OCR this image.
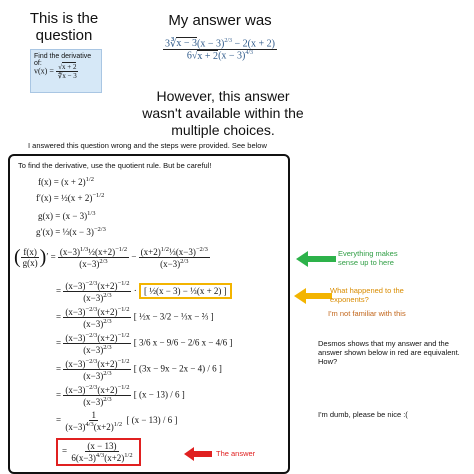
This is the question
My answer was
Find the derivative of:
$v(x) = \frac{√x + 2}{∜x - 3}$
$\frac{3∛x - 3(x - 3)^{2/3} - 2(x + 2)}{6√x + 2(x - 3)^{4/3}}$
However, this answer wasn't available within the multiple choices.
I answered this question wrong and the steps were provided. See below
To find the derivative, use the quotient rule. But be careful!
$f(x) = (x + 2)^{1/2}$
f′(x) = ½(x + 2)$^{-1/2}$
$g(x) = (x - 3)^{1/3}$
g′(x) = ⅓(x − 3)$^{-2/3}$
( $\frac{f(x)}{g(x)}$ )′ = $\frac{(x-3)^{1/3}\frac{1}{2}(x+2)^{-1/2}}{(x-3)^{2/3}} - \frac{(x+2)^{1/2}\frac{1}{3}(x-3)^{-2/3}}{(x-3)^{2/3}}$
= $\frac{(x-3)^{-2/3}(x+2)^{-1/2}}{(x-3)^{2/3}}$ · [ ½(x − 3) − ⅓(x + 2) ]
= $\frac{(x-3)^{-2/3}(x+2)^{-1/2}}{(x-3)^{2/3}}$ [ ½x − 3/2 − ⅓x − ⅔ ]
= $\frac{(x-3)^{-2/3}(x+2)^{-1/2}}{(x-3)^{2/3}}$ [ 3/6 x − 9/6 − 2/6 x − 4/6 ]
= $\frac{(x-3)^{-2/3}(x+2)^{-1/2}}{(x-3)^{2/3}}$ [ (3x − 9x − 2x − 4) / 6 ]
= $\frac{(x-3)^{-2/3}(x+2)^{-1/2}}{(x-3)^{2/3}}$ [ (x − 13) / 6 ]
= $\frac{1}{(x-3)^{4/3}(x+2)^{1/2}}$ [ (x − 13) / 6 ]
= $\frac{(x - 13)}{6(x-3)^{4/3}(x+2)^{1/2}}$
Everything makes sense up to here
What happened to the exponents?
I'm not familiar with this
Desmos shows that my answer and the answer shown below in red are equivalent. How?
I'm dumb, please be nice :(
The answer
